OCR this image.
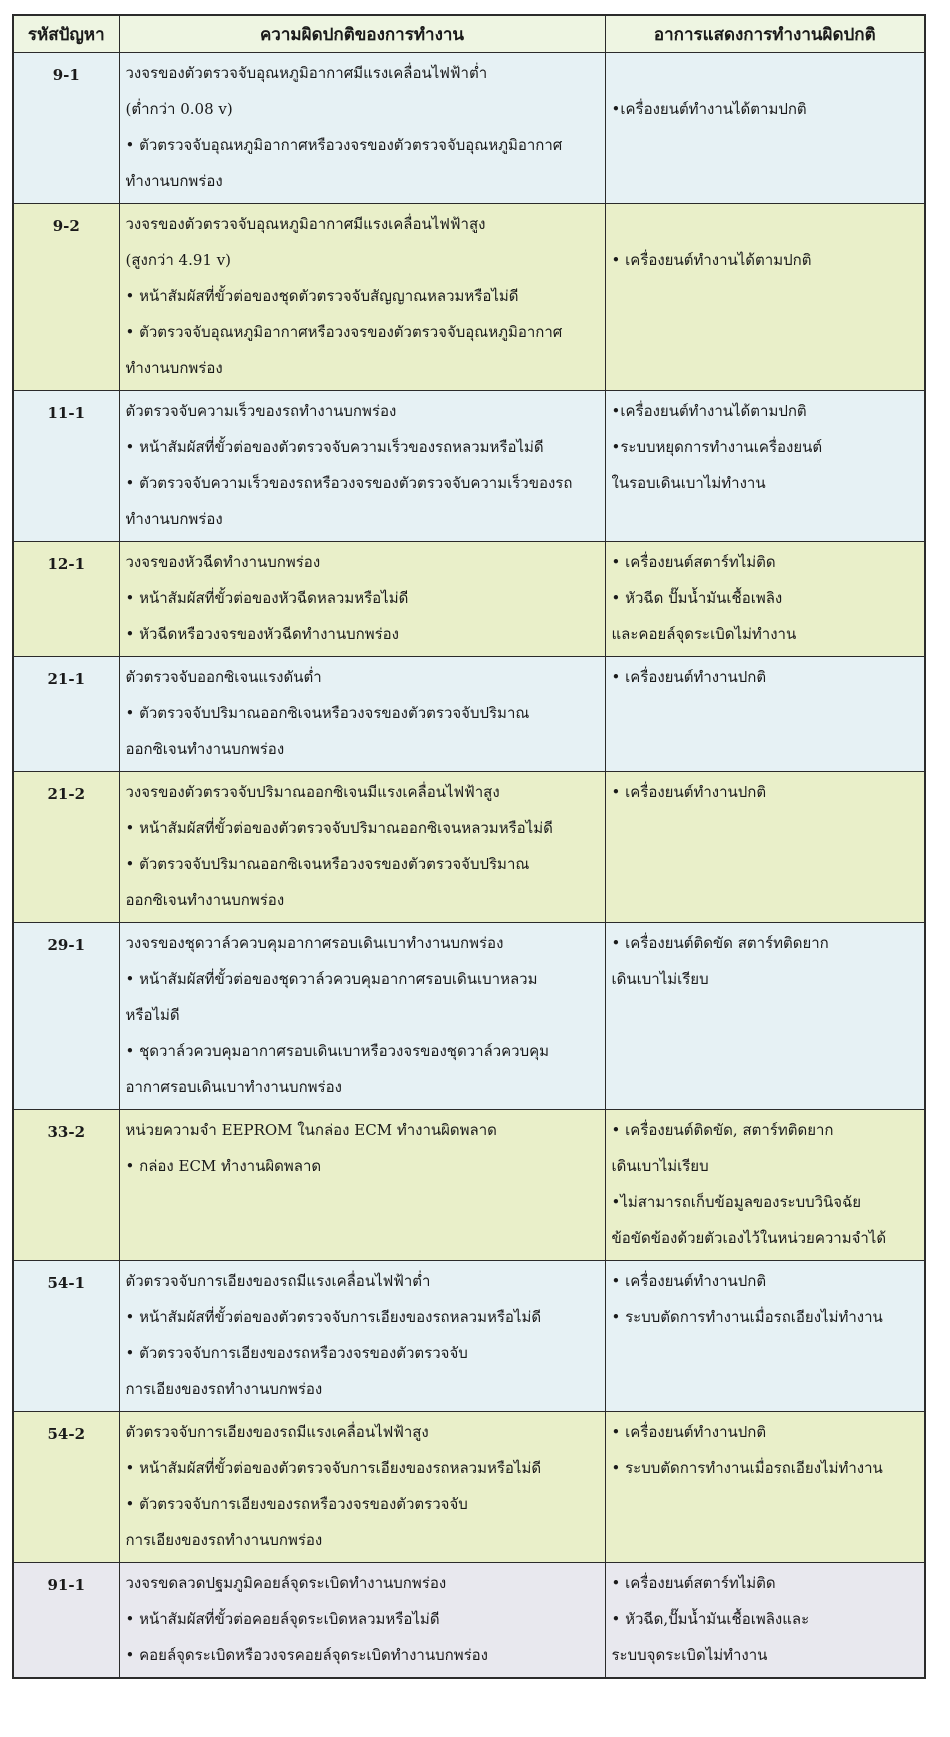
รหัสปัญหา	ความผิดปกติของการทำงาน	อาการแสดงการทำงานผิดปกติ
9-1	วงจรของตัวตรวจจับอุณหภูมิอากาศมีแรงเคลื่อนไฟฟ้าต่ำ
(ต่ำกว่า 0.08 v)
• ตัวตรวจจับอุณหภูมิอากาศหรือวงจรของตัวตรวจจับอุณหภูมิอากาศ
ทำงานบกพร่อง	•เครื่องยนต์ทำงานได้ตามปกติ

9-2	วงจรของตัวตรวจจับอุณหภูมิอากาศมีแรงเคลื่อนไฟฟ้าสูง
(สูงกว่า 4.91 v)
• หน้าสัมผัสที่ขั้วต่อของชุดตัวตรวจจับสัญญาณหลวมหรือไม่ดี
• ตัวตรวจจับอุณหภูมิอากาศหรือวงจรของตัวตรวจจับอุณหภูมิอากาศ
ทำงานบกพร่อง	• เครื่องยนต์ทำงานได้ตามปกติ

11-1	ตัวตรวจจับความเร็วของรถทำงานบกพร่อง
• หน้าสัมผัสที่ขั้วต่อของตัวตรวจจับความเร็วของรถหลวมหรือไม่ดี
• ตัวตรวจจับความเร็วของรถหรือวงจรของตัวตรวจจับความเร็วของรถ
ทำงานบกพร่อง	•เครื่องยนต์ทำงานได้ตามปกติ
•ระบบหยุดการทำงานเครื่องยนต์
ในรอบเดินเบาไม่ทำงาน

12-1	วงจรของหัวฉีดทำงานบกพร่อง
• หน้าสัมผัสที่ขั้วต่อของหัวฉีดหลวมหรือไม่ดี
• หัวฉีดหรือวงจรของหัวฉีดทำงานบกพร่อง	• เครื่องยนต์สตาร์ทไม่ติด
• หัวฉีด ปั๊มน้ำมันเชื้อเพลิง
และคอยล์จุดระเบิดไม่ทำงาน

21-1	ตัวตรวจจับออกซิเจนแรงดันต่ำ
• ตัวตรวจจับปริมาณออกซิเจนหรือวงจรของตัวตรวจจับปริมาณ
ออกซิเจนทำงานบกพร่อง	• เครื่องยนต์ทำงานปกติ

21-2	วงจรของตัวตรวจจับปริมาณออกซิเจนมีแรงเคลื่อนไฟฟ้าสูง
• หน้าสัมผัสที่ขั้วต่อของตัวตรวจจับปริมาณออกซิเจนหลวมหรือไม่ดี
• ตัวตรวจจับปริมาณออกซิเจนหรือวงจรของตัวตรวจจับปริมาณ
ออกซิเจนทำงานบกพร่อง	• เครื่องยนต์ทำงานปกติ

29-1	วงจรของชุดวาล์วควบคุมอากาศรอบเดินเบาทำงานบกพร่อง
• หน้าสัมผัสที่ขั้วต่อของชุดวาล์วควบคุมอากาศรอบเดินเบาหลวม
หรือไม่ดี
• ชุดวาล์วควบคุมอากาศรอบเดินเบาหรือวงจรของชุดวาล์วควบคุม
อากาศรอบเดินเบาทำงานบกพร่อง	• เครื่องยนต์ติดขัด สตาร์ทติดยาก
เดินเบาไม่เรียบ

33-2	หน่วยความจำ EEPROM ในกล่อง ECM ทำงานผิดพลาด
• กล่อง ECM ทำงานผิดพลาด	• เครื่องยนต์ติดขัด, สตาร์ทติดยาก
เดินเบาไม่เรียบ
•ไม่สามารถเก็บข้อมูลของระบบวินิจฉัย
ข้อขัดข้องด้วยตัวเองไว้ในหน่วยความจำได้

54-1	ตัวตรวจจับการเอียงของรถมีแรงเคลื่อนไฟฟ้าต่ำ
• หน้าสัมผัสที่ขั้วต่อของตัวตรวจจับการเอียงของรถหลวมหรือไม่ดี
• ตัวตรวจจับการเอียงของรถหรือวงจรของตัวตรวจจับ
การเอียงของรถทำงานบกพร่อง	• เครื่องยนต์ทำงานปกติ
• ระบบตัดการทำงานเมื่อรถเอียงไม่ทำงาน

54-2	ตัวตรวจจับการเอียงของรถมีแรงเคลื่อนไฟฟ้าสูง
• หน้าสัมผัสที่ขั้วต่อของตัวตรวจจับการเอียงของรถหลวมหรือไม่ดี
• ตัวตรวจจับการเอียงของรถหรือวงจรของตัวตรวจจับ
การเอียงของรถทำงานบกพร่อง	• เครื่องยนต์ทำงานปกติ
• ระบบตัดการทำงานเมื่อรถเอียงไม่ทำงาน

91-1	วงจรขดลวดปฐมภูมิคอยล์จุดระเบิดทำงานบกพร่อง
• หน้าสัมผัสที่ขั้วต่อคอยล์จุดระเบิดหลวมหรือไม่ดี
• คอยล์จุดระเบิดหรือวงจรคอยล์จุดระเบิดทำงานบกพร่อง	• เครื่องยนต์สตาร์ทไม่ติด
• หัวฉีด,ปั๊มน้ำมันเชื้อเพลิงและ
ระบบจุดระเบิดไม่ทำงาน
